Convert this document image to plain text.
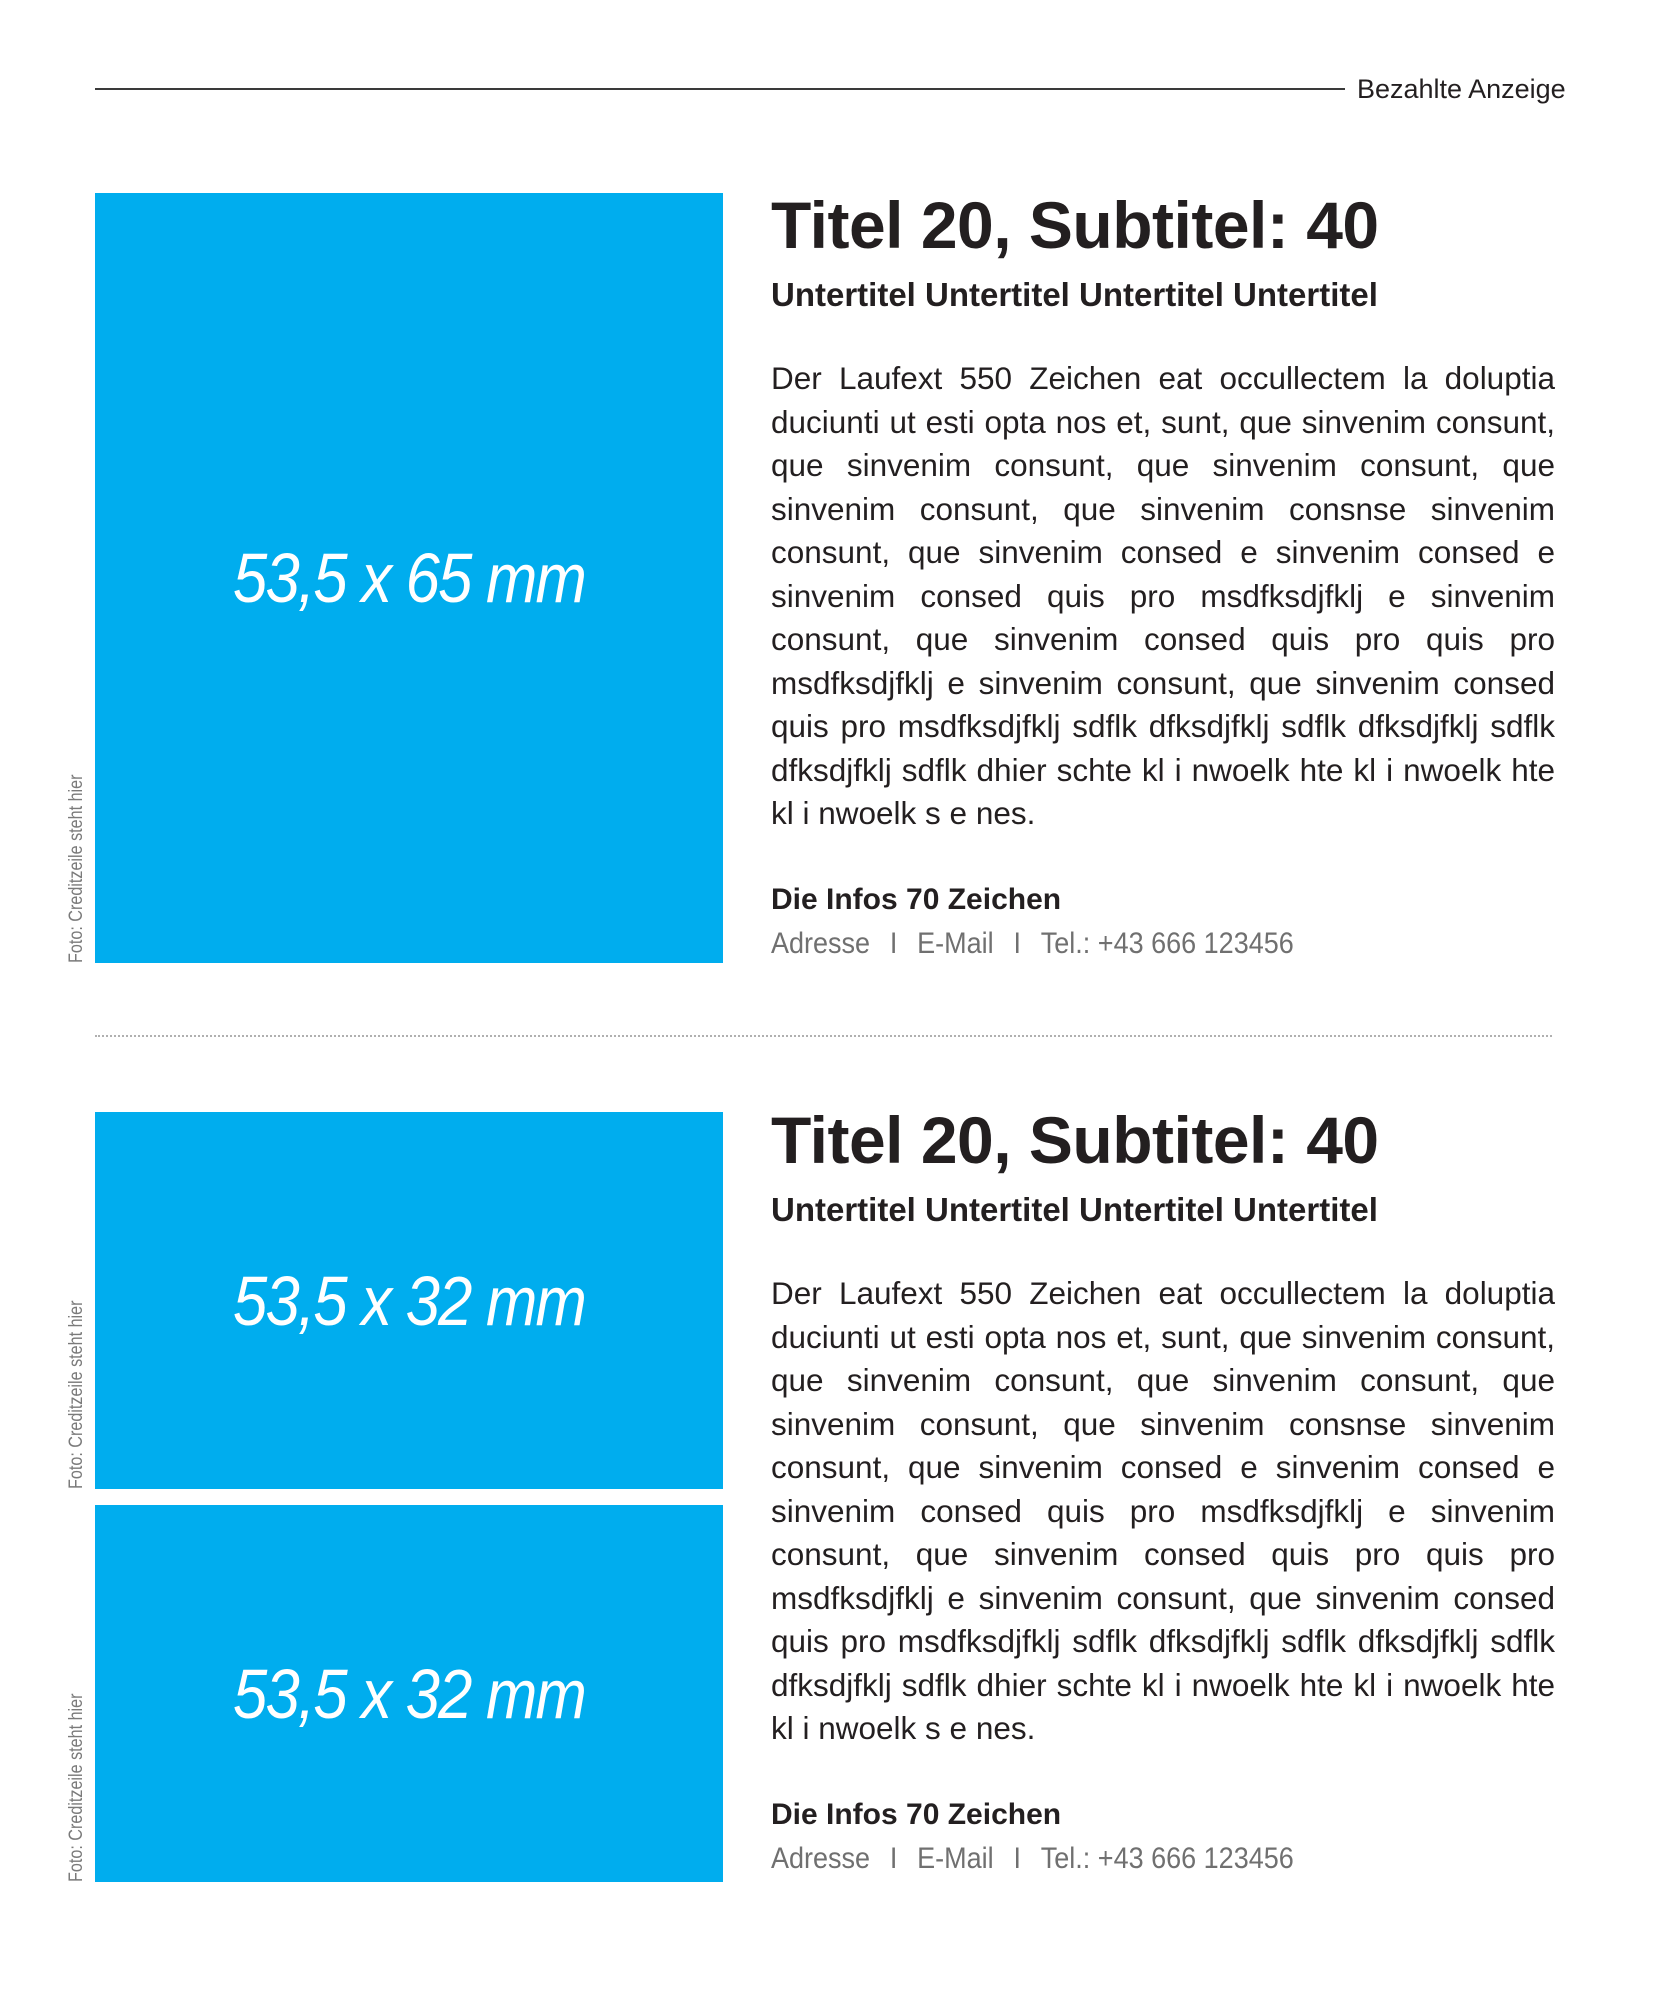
Bezahlte Anzeige
53,5 x 65 mm
Foto: Creditzeile steht hier
Titel 20, Subtitel: 40
Untertitel Untertitel Untertitel Untertitel

Der Laufext 550 Zeichen eat occullectem la doluptia duciunti ut esti opta nos et, sunt, que sinvenim consunt, que sinvenim consunt, que sinvenim consunt, que sinvenim consunt, que sinvenim consnse sinvenim consunt, que sinvenim consed e sinvenim consed e sinvenim consed quis pro msdfksdjfklj e sinvenim consunt, que sinvenim consed quis pro quis pro msdfksdjfklj e sinvenim consunt, que sinvenim consed quis pro msdfksdjfklj sdflk dfksdjfklj sdflk dfksdjfklj sdflk dfksdjfklj sdflk dhier schte kl i nwoelk hte kl i nwoelk hte kl i nwoelk s e nes.

Die Infos 70 Zeichen
Adresse I E-Mail I Tel.: +43 666 123456
53,5 x 32 mm
Foto: Creditzeile steht hier
53,5 x 32 mm
Foto: Creditzeile steht hier
Titel 20, Subtitel: 40
Untertitel Untertitel Untertitel Untertitel

Der Laufext 550 Zeichen eat occullectem la doluptia duciunti ut esti opta nos et, sunt, que sinvenim consunt, que sinvenim consunt, que sinvenim consunt, que sinvenim consunt, que sinvenim consnse sinvenim consunt, que sinvenim consed e sinvenim consed e sinvenim consed quis pro msdfksdjfklj e sinvenim consunt, que sinvenim consed quis pro quis pro msdfksdjfklj e sinvenim consunt, que sinvenim consed quis pro msdfksdjfklj sdflk dfksdjfklj sdflk dfksdjfklj sdflk dfksdjfklj sdflk dhier schte kl i nwoelk hte kl i nwoelk hte kl i nwoelk s e nes.

Die Infos 70 Zeichen
Adresse I E-Mail I Tel.: +43 666 123456
